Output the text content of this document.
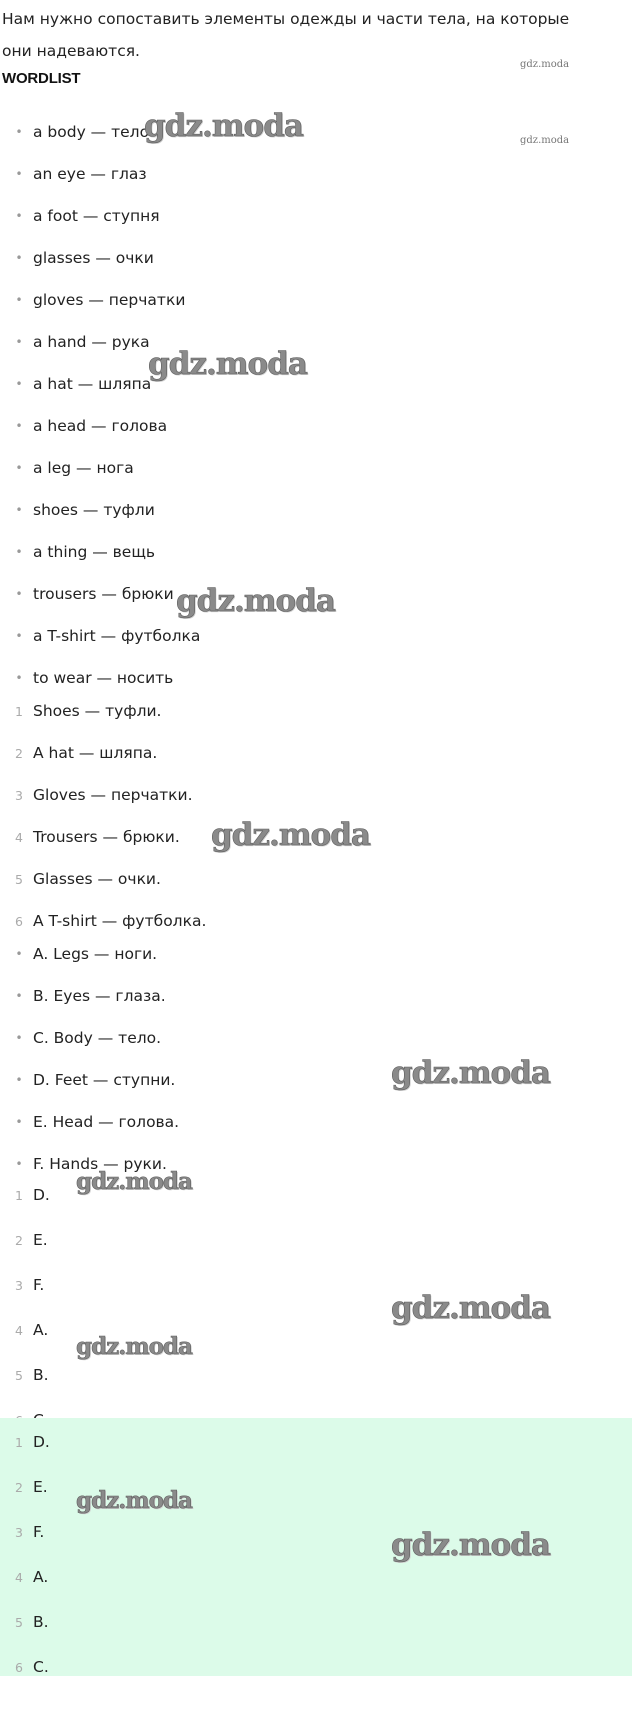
Нам нужно сопоставить элементы одежды и части тела, на которые они надеваются.
WORDLIST
• a body — тело
• an eye — глаз
• a foot — ступня
• glasses — очки
• gloves — перчатки
• a hand — рука
• a hat — шляпа
• a head — голова
• a leg — нога
• shoes — туфли
• a thing — вещь
• trousers — брюки
• a T-shirt — футболка
• to wear — носить
1 Shoes — туфли.
2 A hat — шляпа.
3 Gloves — перчатки.
4 Trousers — брюки.
5 Glasses — очки.
6 A T-shirt — футболка.
• A. Legs — ноги.
• B. Eyes — глаза.
• C. Body — тело.
• D. Feet — ступни.
• E. Head — голова.
• F. Hands — руки.
1 D.
2 E.
3 F.
4 A.
5 B.
1 D.
2 E.
3 F.
4 A.
5 B.
6 C.
gdz.moda
gdz.moda
gdz.moda
gdz.moda
gdz.moda
gdz.moda
gdz.moda
gdz.moda
gdz.moda
gdz.moda
gdz.moda
gdz.moda
